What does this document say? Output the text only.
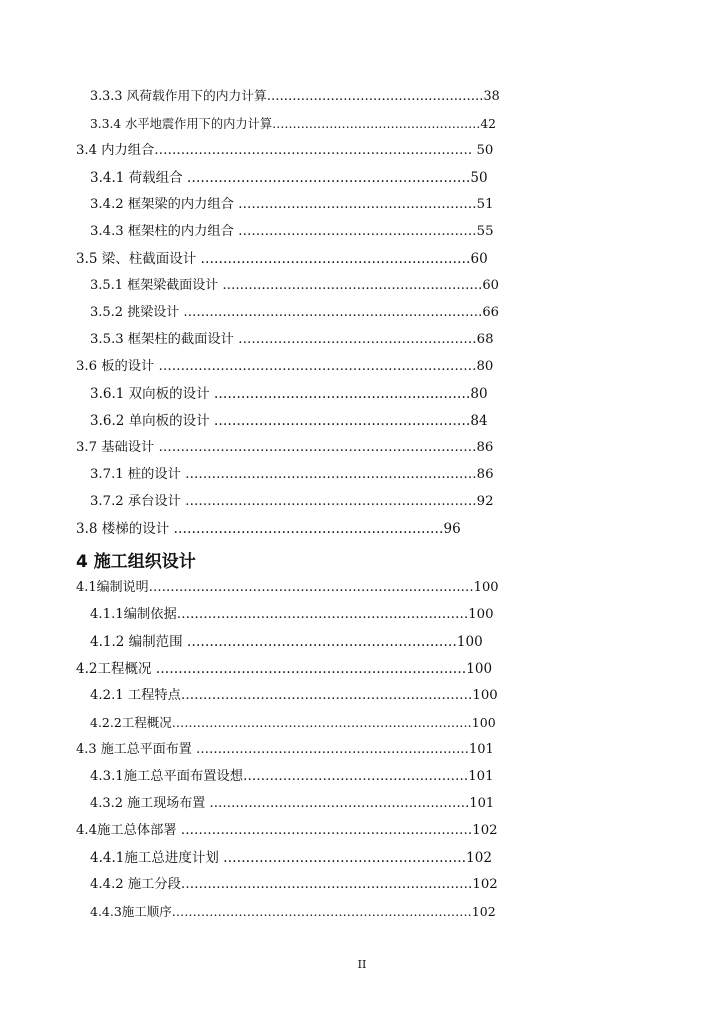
3.3.3 风荷载作用下的内力计算……………………………………………38
3.3.4 水平地震作用下的内力计算……………………………………………42
3.4 内力组合……………………………………………………………… 50
3.4.1 荷载组合 ………………………………………………………50
3.4.2 框架梁的内力组合 ………………………………………………51
3.4.3 框架柱的内力组合 ………………………………………………55
3.5 梁、柱截面设计 ……………………………………………………60
3.5.1 框架梁截面设计 ……………………………………………………60
3.5.2 挑梁设计 ……………………………………………………………66
3.5.3 框架柱的截面设计 ………………………………………………68
3.6 板的设计 ………………………………………………………………80
3.6.1 双向板的设计 …………………………………………………80
3.6.2 单向板的设计 …………………………………………………84
3.7 基础设计 ………………………………………………………………86
3.7.1 桩的设计 …………………………………………………………86
3.7.2 承台设计 …………………………………………………………92
3.8 楼梯的设计 ……………………………………………………96
4 施工组织设计
4.1编制说明…………………………………………………………………100
4.1.1编制依据…………………………………………………………100
4.1.2 编制范围 ……………………………………………………100
4.2工程概况 ……………………………………………………………100
4.2.1 工程特点…………………………………………………………100
4.2.2工程概况………………………………………………………………100
4.3 施工总平面布置 ………………………………………………………101
4.3.1施工总平面布置设想……………………………………………101
4.3.2 施工现场布置 ……………………………………………………101
4.4施工总体部署 …………………………………………………………102
4.4.1施工总进度计划 ………………………………………………102
4.4.2 施工分段…………………………………………………………102
4.4.3施工顺序………………………………………………………………102
II
